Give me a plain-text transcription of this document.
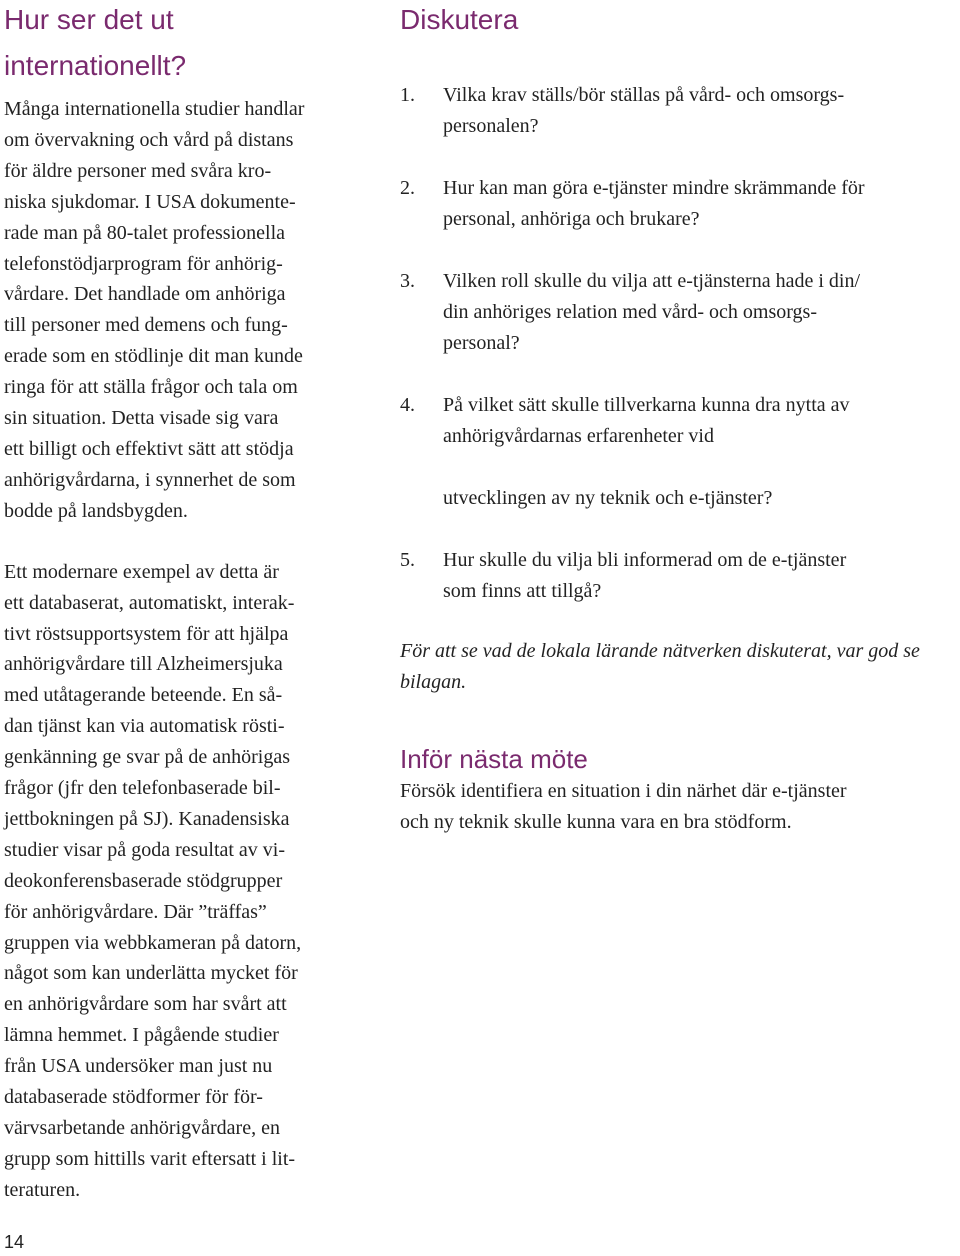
Hur ser det ut
internationellt?
Många internationella studier handlar
om övervakning och vård på distans
för äldre personer med svåra kro-
niska sjukdomar. I USA dokumente-
rade man på 80-talet professionella
telefonstödjarprogram för anhörig-
vårdare. Det handlade om anhöriga
till personer med demens och fung-
erade som en stödlinje dit man kunde
ringa för att ställa frågor och tala om
sin situation. Detta visade sig vara
ett billigt och effektivt sätt att stödja
anhörigvårdarna, i synnerhet de som
bodde på landsbygden.
Ett modernare exempel av detta är
ett databaserat, automatiskt, interak-
tivt röstsupportsystem för att hjälpa
anhörigvårdare till Alzheimersjuka
med utåtagerande beteende. En så-
dan tjänst kan via automatisk rösti-
genkänning ge svar på de anhörigas
frågor (jfr den telefonbaserade bil-
jettbokningen på SJ). Kanadensiska
studier visar på goda resultat av vi-
deokonferensbaserade stödgrupper
för anhörigvårdare. Där ”träffas”
gruppen via webbkameran på datorn,
något som kan underlätta mycket för
en anhörigvårdare som har svårt att
lämna hemmet. I pågående studier
från USA undersöker man just nu
databaserade stödformer för för-
värvsarbetande anhörigvårdare, en
grupp som hittills varit eftersatt i lit-
teraturen.
Diskutera
1. Vilka krav ställs/bör ställas på vård- och omsorgs-
personalen?
2. Hur kan man göra e-tjänster mindre skrämmande för
personal, anhöriga och brukare?
3. Vilken roll skulle du vilja att e-tjänsterna hade i din/
din anhöriges relation med vård- och omsorgs-
personal?
4. På vilket sätt skulle tillverkarna kunna dra nytta av
anhörigvårdarnas erfarenheter vid
utvecklingen av ny teknik och e-tjänster?
5. Hur skulle du vilja bli informerad om de e-tjänster
som finns att tillgå?
För att se vad de lokala lärande nätverken diskuterat, var god se
bilagan.
Inför nästa möte
Försök identifiera en situation i din närhet där e-tjänster
och ny teknik skulle kunna vara en bra stödform.
14
